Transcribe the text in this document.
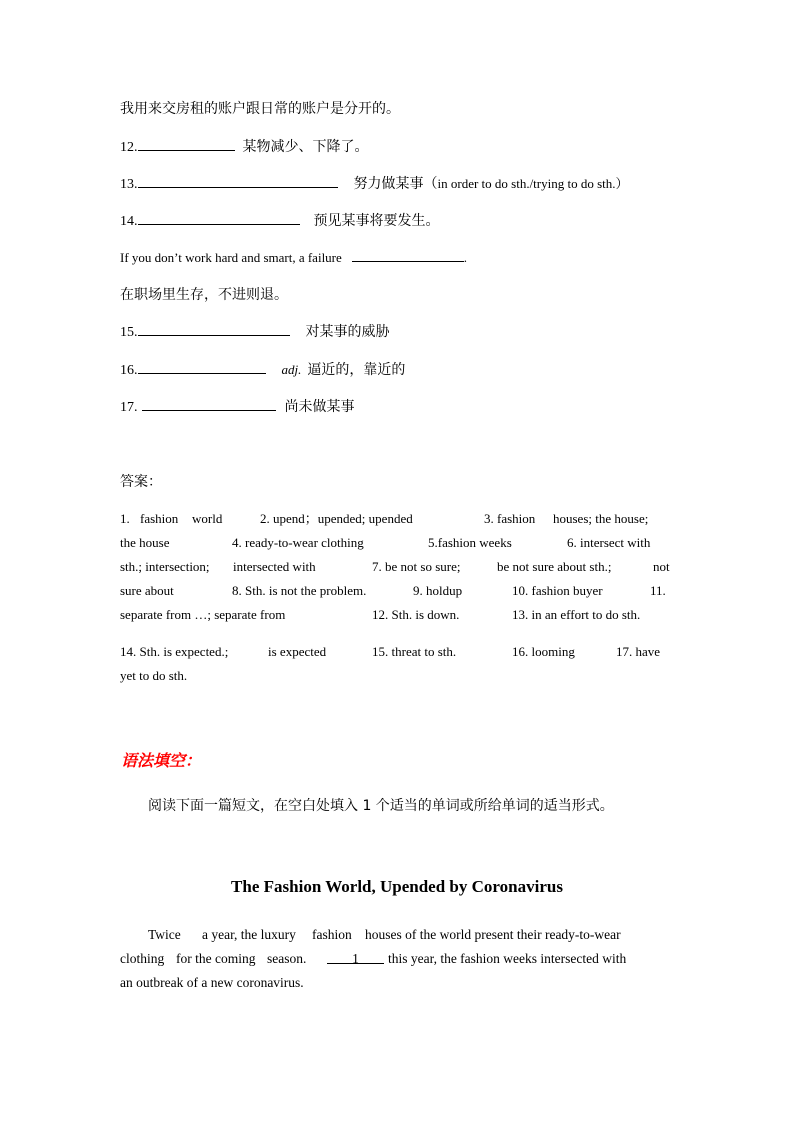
我用来交房租的账户跟日常的账户是分开的。
12.	某物减少、下降了。
13.	努力做某事（in order to do sth./trying to do sth.）
14.	预见某事将要发生。
If you don’t work hard and smart, a failure	.
在职场里生存，不进则退。
15.	对某事的威胁
16.	adj. 逼近的，靠近的
17.	尚未做某事
答案：
1. fashion world	2. upend；upended; upended	3. fashion houses; the house;
the house	4. ready-to-wear clothing	5.fashion weeks	6. intersect with
sth.; intersection; intersected with	7. be not so sure;	be not sure about sth.;	not
sure about	8. Sth. is not the problem.	9. holdup	10. fashion buyer	11.
separate from …; separate from	12. Sth. is down.	13. in an effort to do sth.
14. Sth. is expected.;	is expected	15. threat to sth.	16. looming	17. have
yet to do sth.
语法填空：
阅读下面一篇短文，在空白处填入 1 个适当的单词或所给单词的适当形式。
The Fashion World, Upended by Coronavirus
Twice a year, the luxury fashion houses of the world present their ready-to-wear
clothing for the coming season.	1	this year, the fashion weeks intersected with
an outbreak of a new coronavirus.
